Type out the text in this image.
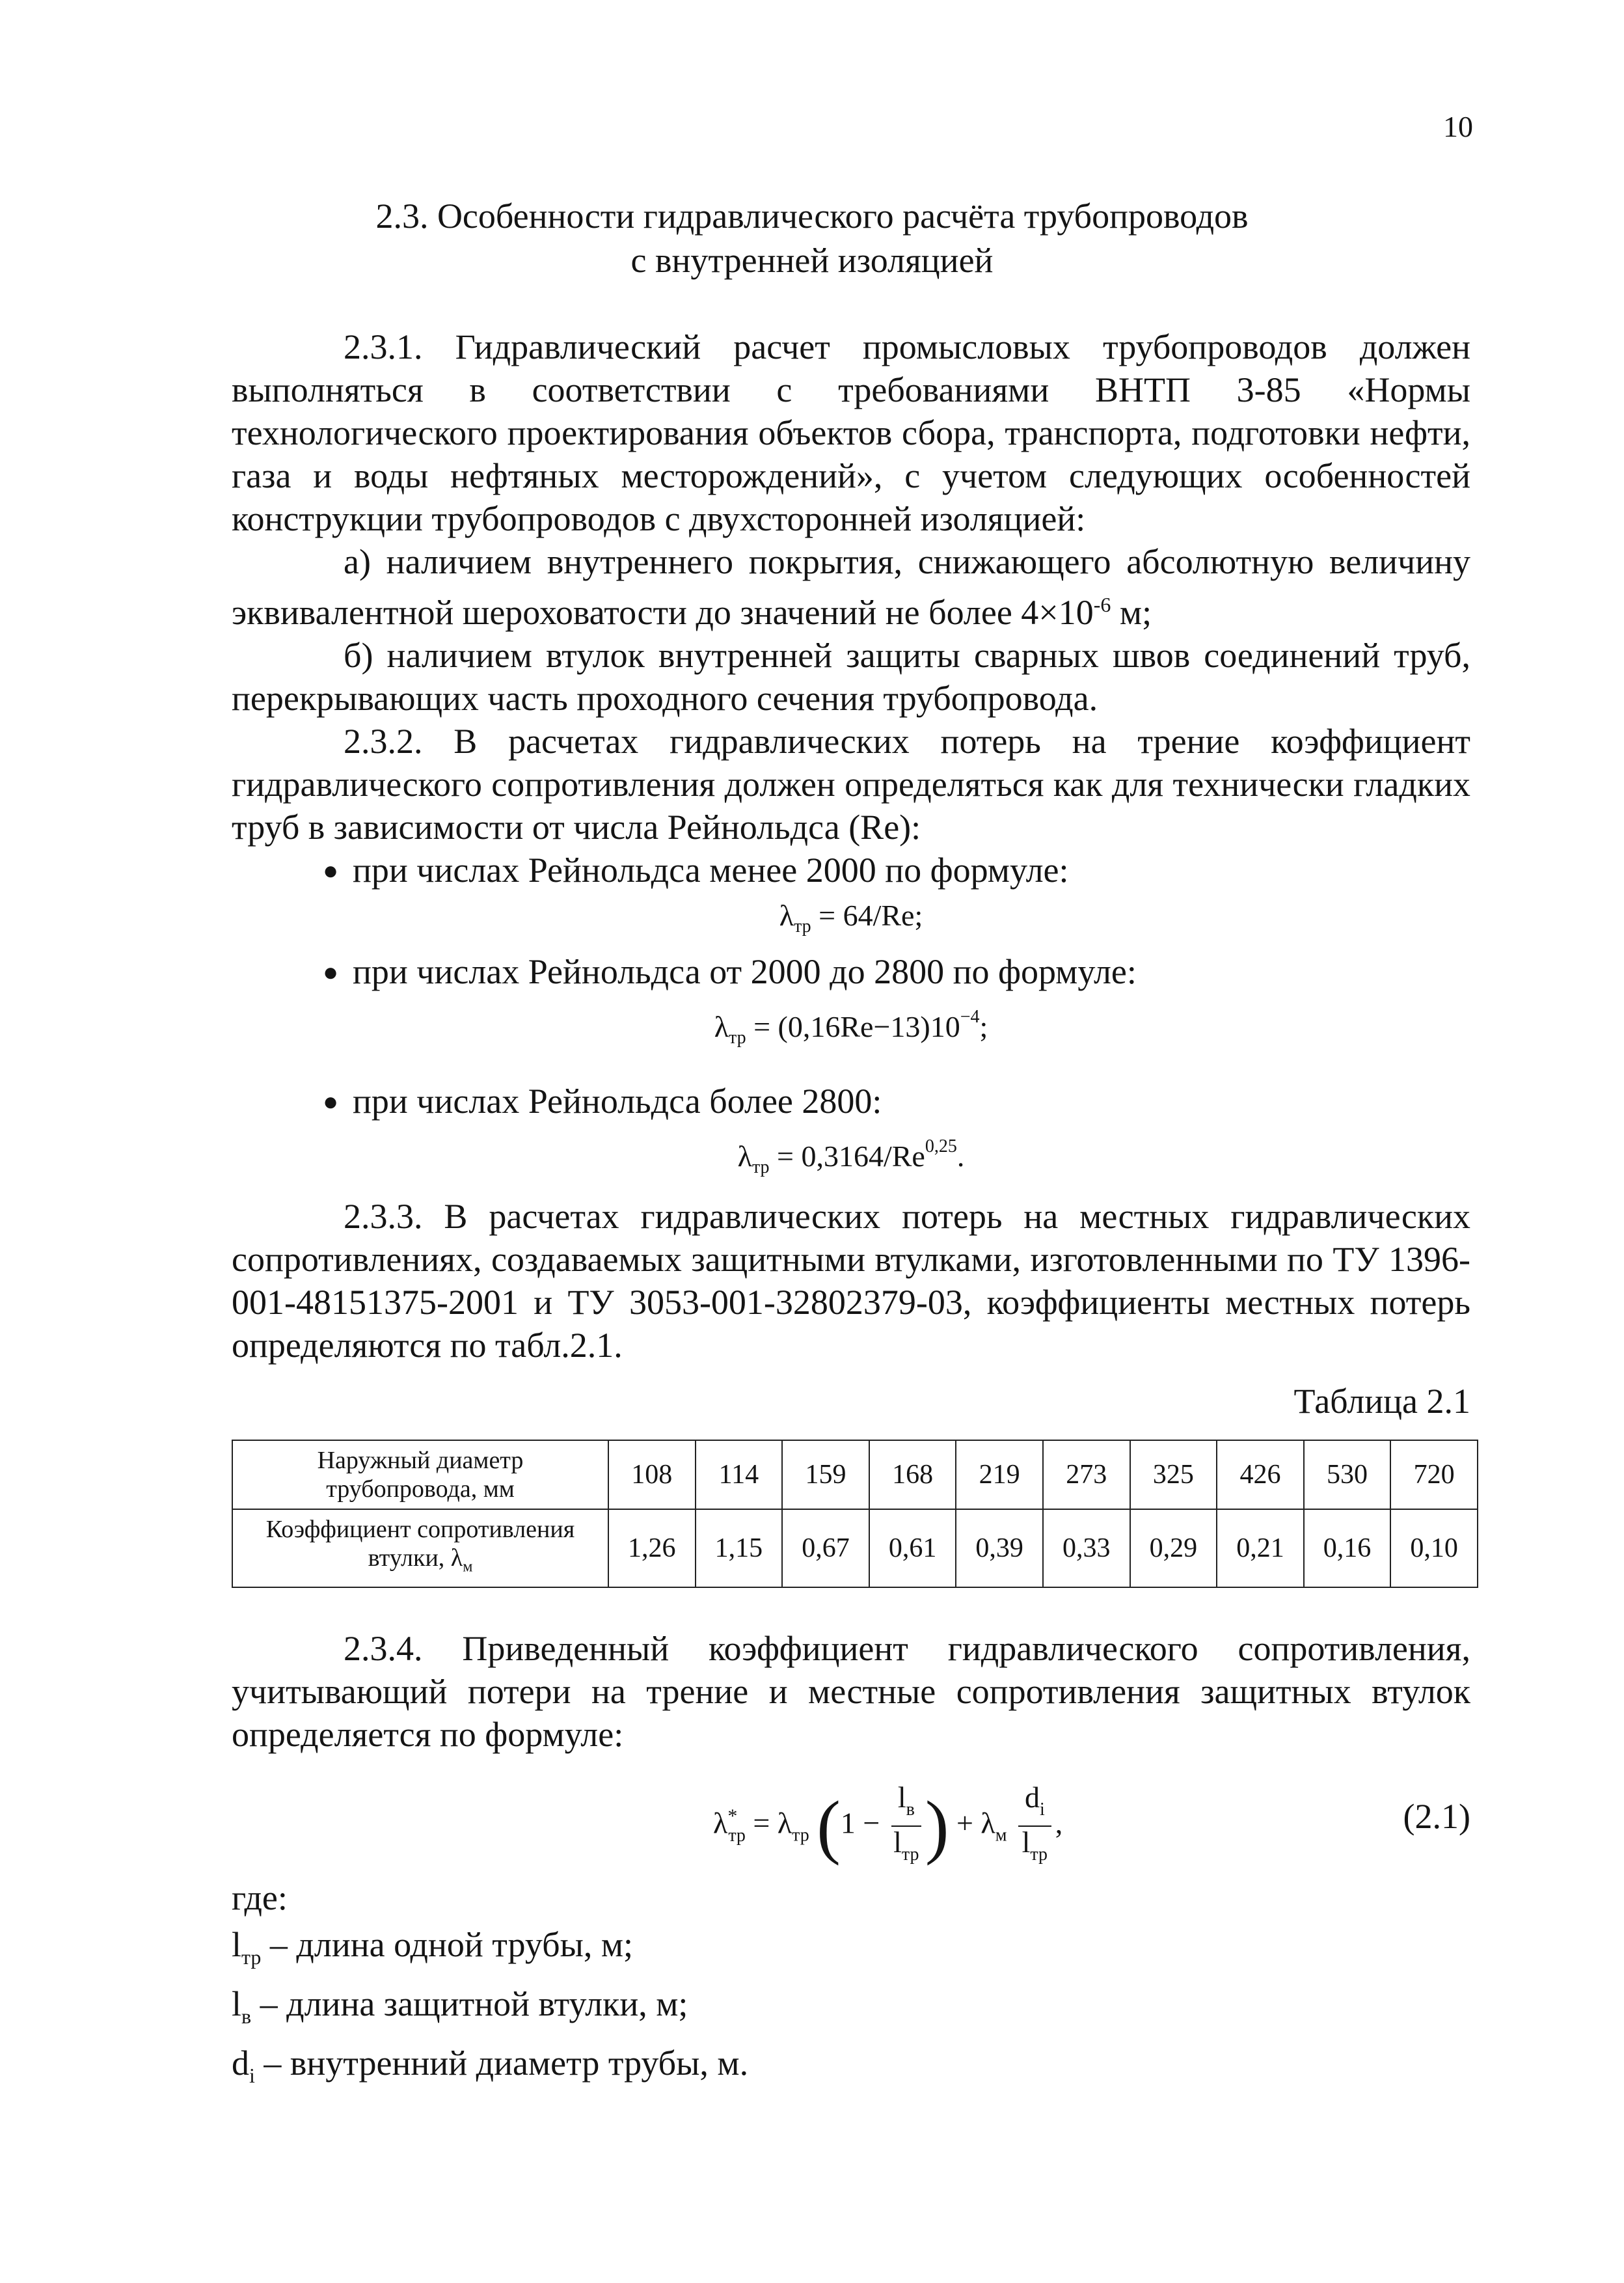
10
2.3. Особенности гидравлического расчёта трубопроводов
с внутренней изоляцией

2.3.1. Гидравлический расчет промысловых трубопроводов должен выполняться в соответствии с требованиями ВНТП 3-85 «Нормы технологического проектирования объектов сбора, транспорта, подготовки нефти, газа и воды нефтяных месторождений», с учетом следующих особенностей конструкции трубопроводов с двухсторонней изоляцией:

а) наличием внутреннего покрытия, снижающего абсолютную величину эквивалентной шероховатости до значений не более $4\times 10^{-6}$ м;

б) наличием втулок внутренней защиты сварных швов соединений труб, перекрывающих часть проходного сечения трубопровода.

2.3.2. В расчетах гидравлических потерь на трение коэффициент гидравлического сопротивления должен определяться как для технически гладких труб в зависимости от числа Рейнольдса (Re):

● при числах Рейнольдса менее 2000 по формуле:
$\lambda_{тр} = 64/Re$;
● при числах Рейнольдса от 2000 до 2800 по формуле:
$\lambda_{тр} = (0,16Re-13)10^{-4}$;
● при числах Рейнольдса более 2800:
$\lambda_{тр} = 0,3164/Re^{0,25}$.

2.3.3. В расчетах гидравлических потерь на местных гидравлических сопротивлениях, создаваемых защитными втулками, изготовленными по ТУ 1396-001-48151375-2001 и ТУ 3053-001-32802379-03, коэффициенты местных потерь определяются по табл.2.1.

Таблица 2.1
Наружный диаметр трубопровода, мм	108	114	159	168	219	273	325	426	530	720
Коэффициент сопротивления втулки, $\lambda_м$	1,26	1,15	0,67	0,61	0,39	0,33	0,29	0,21	0,16	0,10

2.3.4. Приведенный коэффициент гидравлического сопротивления, учитывающий потери на трение и местные сопротивления защитных втулок определяется по формуле:

$\lambda^*_{тр} = \lambda_{тр}$ ($1 - \frac{l_в}{l_{тр}}$ ) + $\lambda_м \frac{d_i}{l_{тр}}$ ,	(2.1)
где:
$l_{тр}$ – длина одной трубы, м;
$l_в$ – длина защитной втулки, м;
$d_i$ – внутренний диаметр трубы, м.
